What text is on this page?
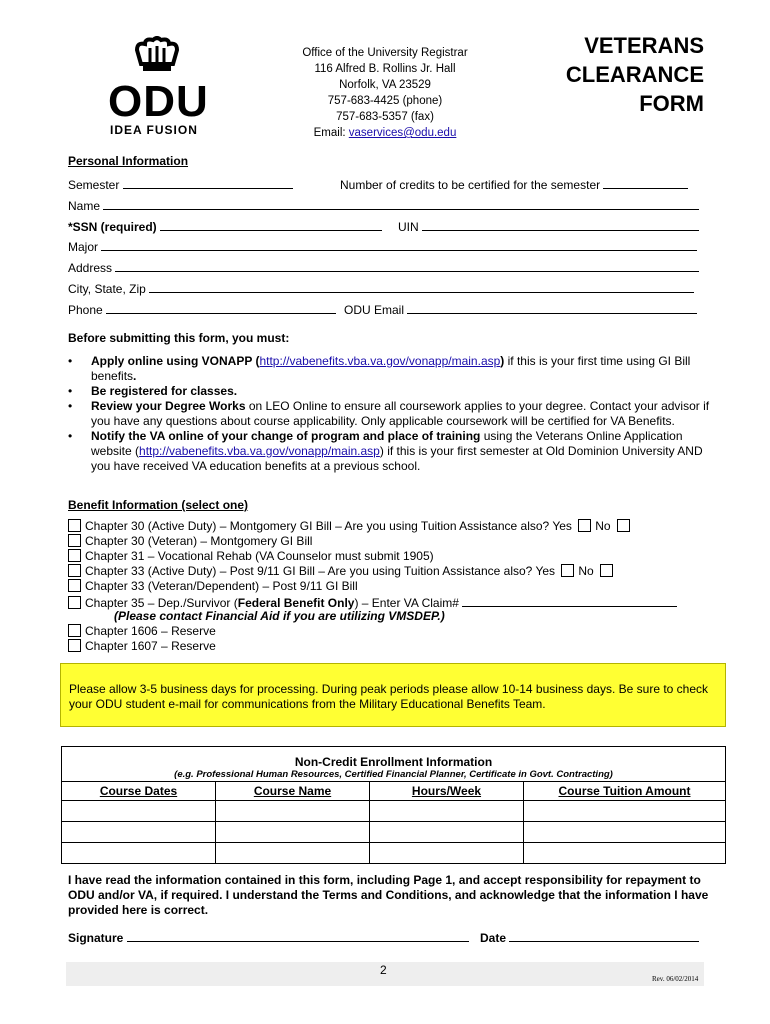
ODU
IDEA FUSION
Office of the University Registrar
116 Alfred B. Rollins Jr. Hall
Norfolk, VA 23529
757-683-4425 (phone)
757-683-5357 (fax)
Email: vaservices@odu.edu
VETERANS
CLEARANCE
FORM
Personal Information
Semester	Number of credits to be certified for the semester
Name
*SSN (required)	UIN
Major
Address
City, State, Zip
Phone	ODU Email
Before submitting this form, you must:
• Apply online using VONAPP (http://vabenefits.vba.va.gov/vonapp/main.asp) if this is your first time using GI Bill benefits.
• Be registered for classes.
• Review your Degree Works on LEO Online to ensure all coursework applies to your degree. Contact your advisor if you have any questions about course applicability. Only applicable coursework will be certified for VA Benefits.
• Notify the VA online of your change of program and place of training using the Veterans Online Application website (http://vabenefits.vba.va.gov/vonapp/main.asp) if this is your first semester at Old Dominion University AND you have received VA education benefits at a previous school.
Benefit Information (select one)
Chapter 30 (Active Duty) – Montgomery GI Bill – Are you using Tuition Assistance also? Yes No
Chapter 30 (Veteran) – Montgomery GI Bill
Chapter 31 – Vocational Rehab (VA Counselor must submit 1905)
Chapter 33 (Active Duty) – Post 9/11 GI Bill – Are you using Tuition Assistance also? Yes No
Chapter 33 (Veteran/Dependent) – Post 9/11 GI Bill
Chapter 35 – Dep./Survivor (Federal Benefit Only) – Enter VA Claim#
(Please contact Financial Aid if you are utilizing VMSDEP.)
Chapter 1606 – Reserve
Chapter 1607 – Reserve
Please allow 3-5 business days for processing. During peak periods please allow 10-14 business days. Be sure to check your ODU student e-mail for communications from the Military Educational Benefits Team.
Non-Credit Enrollment Information
(e.g. Professional Human Resources, Certified Financial Planner, Certificate in Govt. Contracting)			

Course Dates	Course Name	Hours/Week	Course Tuition Amount

I have read the information contained in this form, including Page 1, and accept responsibility for repayment to ODU and/or VA, if required. I understand the Terms and Conditions, and acknowledge that the information I have provided here is correct.
Signature	Date
2
Rev. 06/02/2014
